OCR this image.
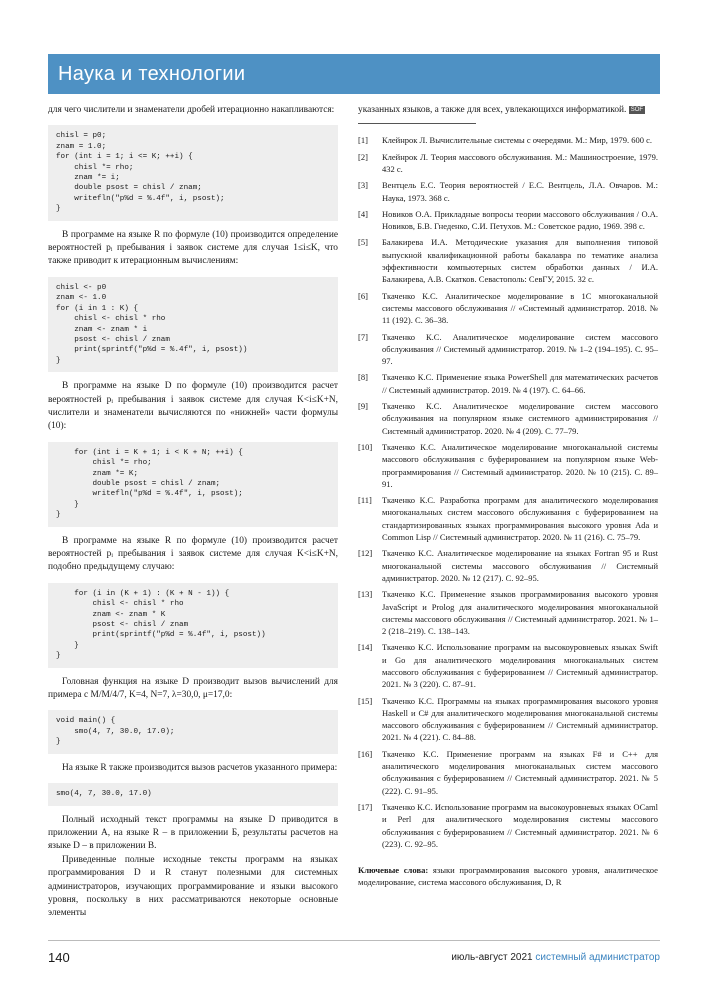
Наука и технологии

для чего числители и знаменатели дробей итерационно накапливаются:

chisl = p0;
znam = 1.0;
for (int i = 1; i <= K; ++i) {
chisl *= rho;
znam *= i;
double psost = chisl / znam;
writefln("p%d = %.4f", i, psost);
}

В программе на языке R по формуле (10) производится определение вероятностей pᵢ пребывания i заявок системе для случая 1≤i≤K, что также приводит к итерационным вычислениям:

chisl <- p0
znam <- 1.0
for (i in 1 : K) {
chisl <- chisl * rho
znam <- znam * i
psost <- chisl / znam
print(sprintf("p%d = %.4f", i, psost))
}

В программе на языке D по формуле (10) производится расчет вероятностей pᵢ пребывания i заявок системе для случая K<i≤K+N, числители и знаменатели вычисляются по «нижней» части формулы (10):

for (int i = K + 1; i < K + N; ++i) {
chisl *= rho;
znam *= K;
double psost = chisl / znam;
writefln("p%d = %.4f", i, psost);
}
}

В программе на языке R по формуле (10) производится расчет вероятностей pᵢ пребывания i заявок системе для случая K<i≤K+N, подобно предыдущему случаю:

for (i in (K + 1) : (K + N - 1)) {
chisl <- chisl * rho
znam <- znam * K
psost <- chisl / znam
print(sprintf("p%d = %.4f", i, psost))
}
}

Головная функция на языке D производит вызов вычислений для примера с M/M/4/7, K=4, N=7, λ=30,0, μ=17,0:

void main() {
smo(4, 7, 30.0, 17.0);
}

На языке R также производится вызов расчетов указанного примера:

smo(4, 7, 30.0, 17.0)

Полный исходный текст программы на языке D приводится в приложении А, на языке R – в приложении Б, результаты расчетов на языке D – в приложении В.

Приведенные полные исходные тексты программ на языках программирования D и R станут полезными для системных администраторов, изучающих программирование и языки высокого уровня, поскольку в них рассматриваются некоторые основные элементы

указанных языков, а также для всех, увлекающихся информатикой. SOF

[1] Клейнрок Л. Вычислительные системы с очередями. М.: Мир, 1979. 600 с.
[2] Клейнрок Л. Теория массового обслуживания. М.: Машиностроение, 1979. 432 с.
[3] Вентцель Е.С. Теория вероятностей / Е.С. Вентцель, Л.А. Овчаров. М.: Наука, 1973. 368 с.
[4] Новиков О.А. Прикладные вопросы теории массового обслуживания / О.А. Новиков, Б.В. Гнеденко, С.И. Петухов. М.: Советское радио, 1969. 398 с.
[5] Балакирева И.А. Методические указания для выполнения типовой выпускной квалификационной работы бакалавра по тематике анализа эффективности компьютерных систем обработки данных / И.А. Балакирева, А.В. Скатков. Севастополь: СевГУ, 2015. 32 с.
[6] Ткаченко К.С. Аналитическое моделирование в 1С многоканальной системы массового обслуживания // «Системный администратор. 2018. № 11 (192). С. 36–38.
[7] Ткаченко К.С. Аналитическое моделирование систем массового обслуживания // Системный администратор. 2019. № 1–2 (194–195). С. 95–97.
[8] Ткаченко К.С. Применение языка PowerShell для математических расчетов // Системный администратор. 2019. № 4 (197). С. 64–66.
[9] Ткаченко К.С. Аналитическое моделирование систем массового обслуживания на популярном языке системного администрирования // Системный администратор. 2020. № 4 (209). С. 77–79.
[10] Ткаченко К.С. Аналитическое моделирование многоканальной системы массового обслуживания с буферированием на популярном языке Web-программирования // Системный администратор. 2020. № 10 (215). С. 89–91.
[11] Ткаченко К.С. Разработка программ для аналитического моделирования многоканальных систем массового обслуживания с буферированием на стандартизированных языках программирования высокого уровня Ada и Common Lisp // Системный администратор. 2020. № 11 (216). С. 75–79.
[12] Ткаченко К.С. Аналитическое моделирование на языках Fortran 95 и Rust многоканальной системы массового обслуживания // Системный администратор. 2020. № 12 (217). С. 92–95.
[13] Ткаченко К.С. Применение языков программирования высокого уровня JavaScript и Prolog для аналитического моделирования многоканальной системы массового обслуживания // Системный администратор. 2021. № 1–2 (218–219). С. 138–143.
[14] Ткаченко К.С. Использование программ на высокоуровневых языках Swift и Go для аналитического моделирования многоканальных систем массового обслуживания с буферированием // Системный администратор. 2021. № 3 (220). С. 87–91.
[15] Ткаченко К.С. Программы на языках программирования высокого уровня Haskell и C# для аналитического моделирования многоканальной системы массового обслуживания с буферированием // Системный администратор. 2021. № 4 (221). С. 84–88.
[16] Ткаченко К.С. Применение программ на языках F# и C++ для аналитического моделирования многоканальных систем массового обслуживания с буферированием // Системный администратор. 2021. № 5 (222). С. 91–95.
[17] Ткаченко К.С. Использование программ на высокоуровневых языках OCaml и Perl для аналитического моделирования системы массового обслуживания с буферированием // Системный администратор. 2021. № 6 (223). С. 92–95.

Ключевые слова: языки программирования высокого уровня, аналитическое моделирование, система массового обслуживания, D, R

140	июль-август 2021 системный администратор
